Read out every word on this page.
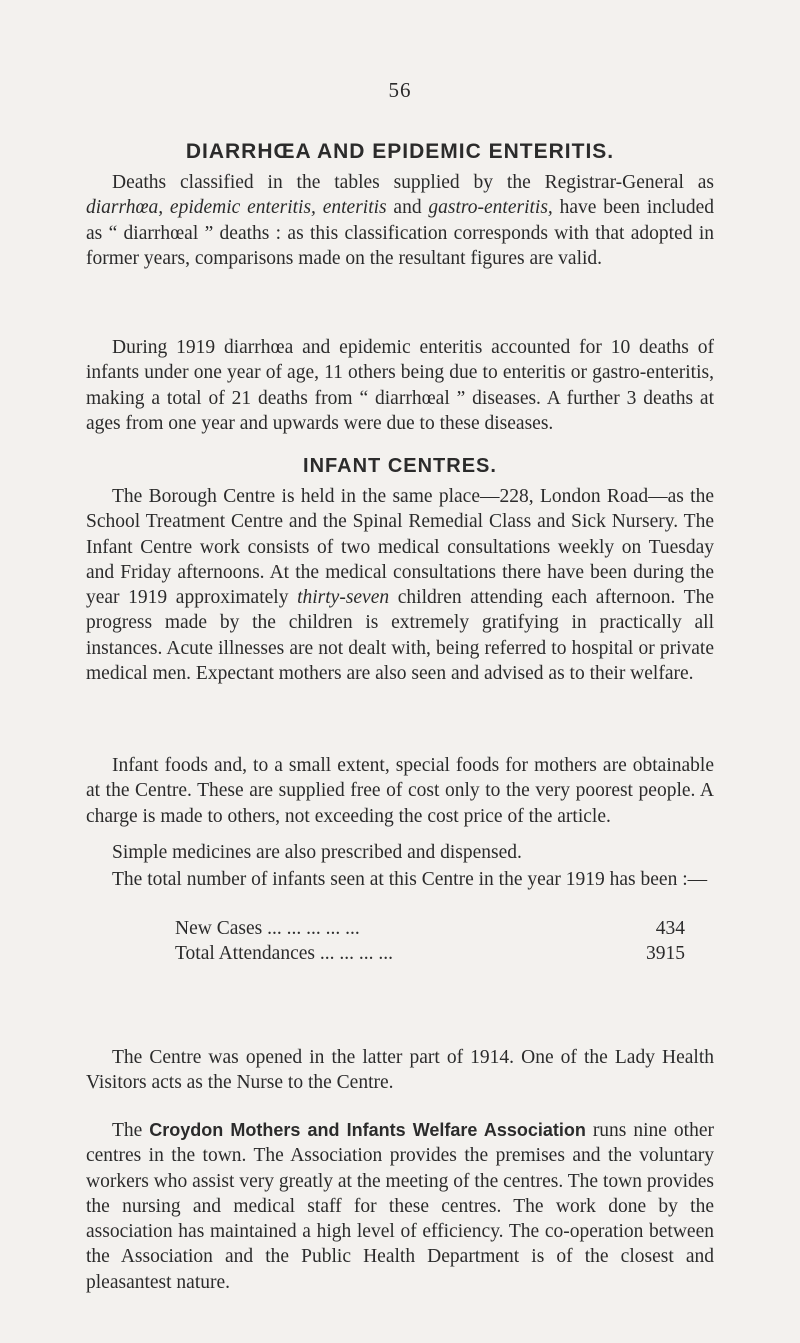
56
DIARRHŒA AND EPIDEMIC ENTERITIS.

Deaths classified in the tables supplied by the Registrar-General as diarrhœa, epidemic enteritis, enteritis and gastro-enteritis, have been included as “ diarrhœal ” deaths : as this classification corresponds with that adopted in former years, comparisons made on the resultant figures are valid.

During 1919 diarrhœa and epidemic enteritis accounted for 10 deaths of infants under one year of age, 11 others being due to enteritis or gastro-enteritis, making a total of 21 deaths from “ diarrhœal ” diseases. A further 3 deaths at ages from one year and upwards were due to these diseases.

INFANT CENTRES.

The Borough Centre is held in the same place—228, London Road—as the School Treatment Centre and the Spinal Remedial Class and Sick Nursery. The Infant Centre work consists of two medical consultations weekly on Tuesday and Friday afternoons. At the medical consultations there have been during the year 1919 approximately thirty-seven children attending each afternoon. The progress made by the children is extremely gratifying in practically all instances. Acute illnesses are not dealt with, being referred to hospital or private medical men. Expectant mothers are also seen and advised as to their welfare.

Infant foods and, to a small extent, special foods for mothers are obtainable at the Centre. These are supplied free of cost only to the very poorest people. A charge is made to others, not exceeding the cost price of the article.

Simple medicines are also prescribed and dispensed.

The total number of infants seen at this Centre in the year 1919 has been :—

New Cases ... ... ... ... ...	434
Total Attendances ... ... ... ...	3915

The Centre was opened in the latter part of 1914. One of the Lady Health Visitors acts as the Nurse to the Centre.

The Croydon Mothers and Infants Welfare Association runs nine other centres in the town. The Association provides the premises and the voluntary workers who assist very greatly at the meeting of the centres. The town provides the nursing and medical staff for these centres. The work done by the association has maintained a high level of efficiency. The co-operation between the Association and the Public Health Department is of the closest and pleasantest nature.
